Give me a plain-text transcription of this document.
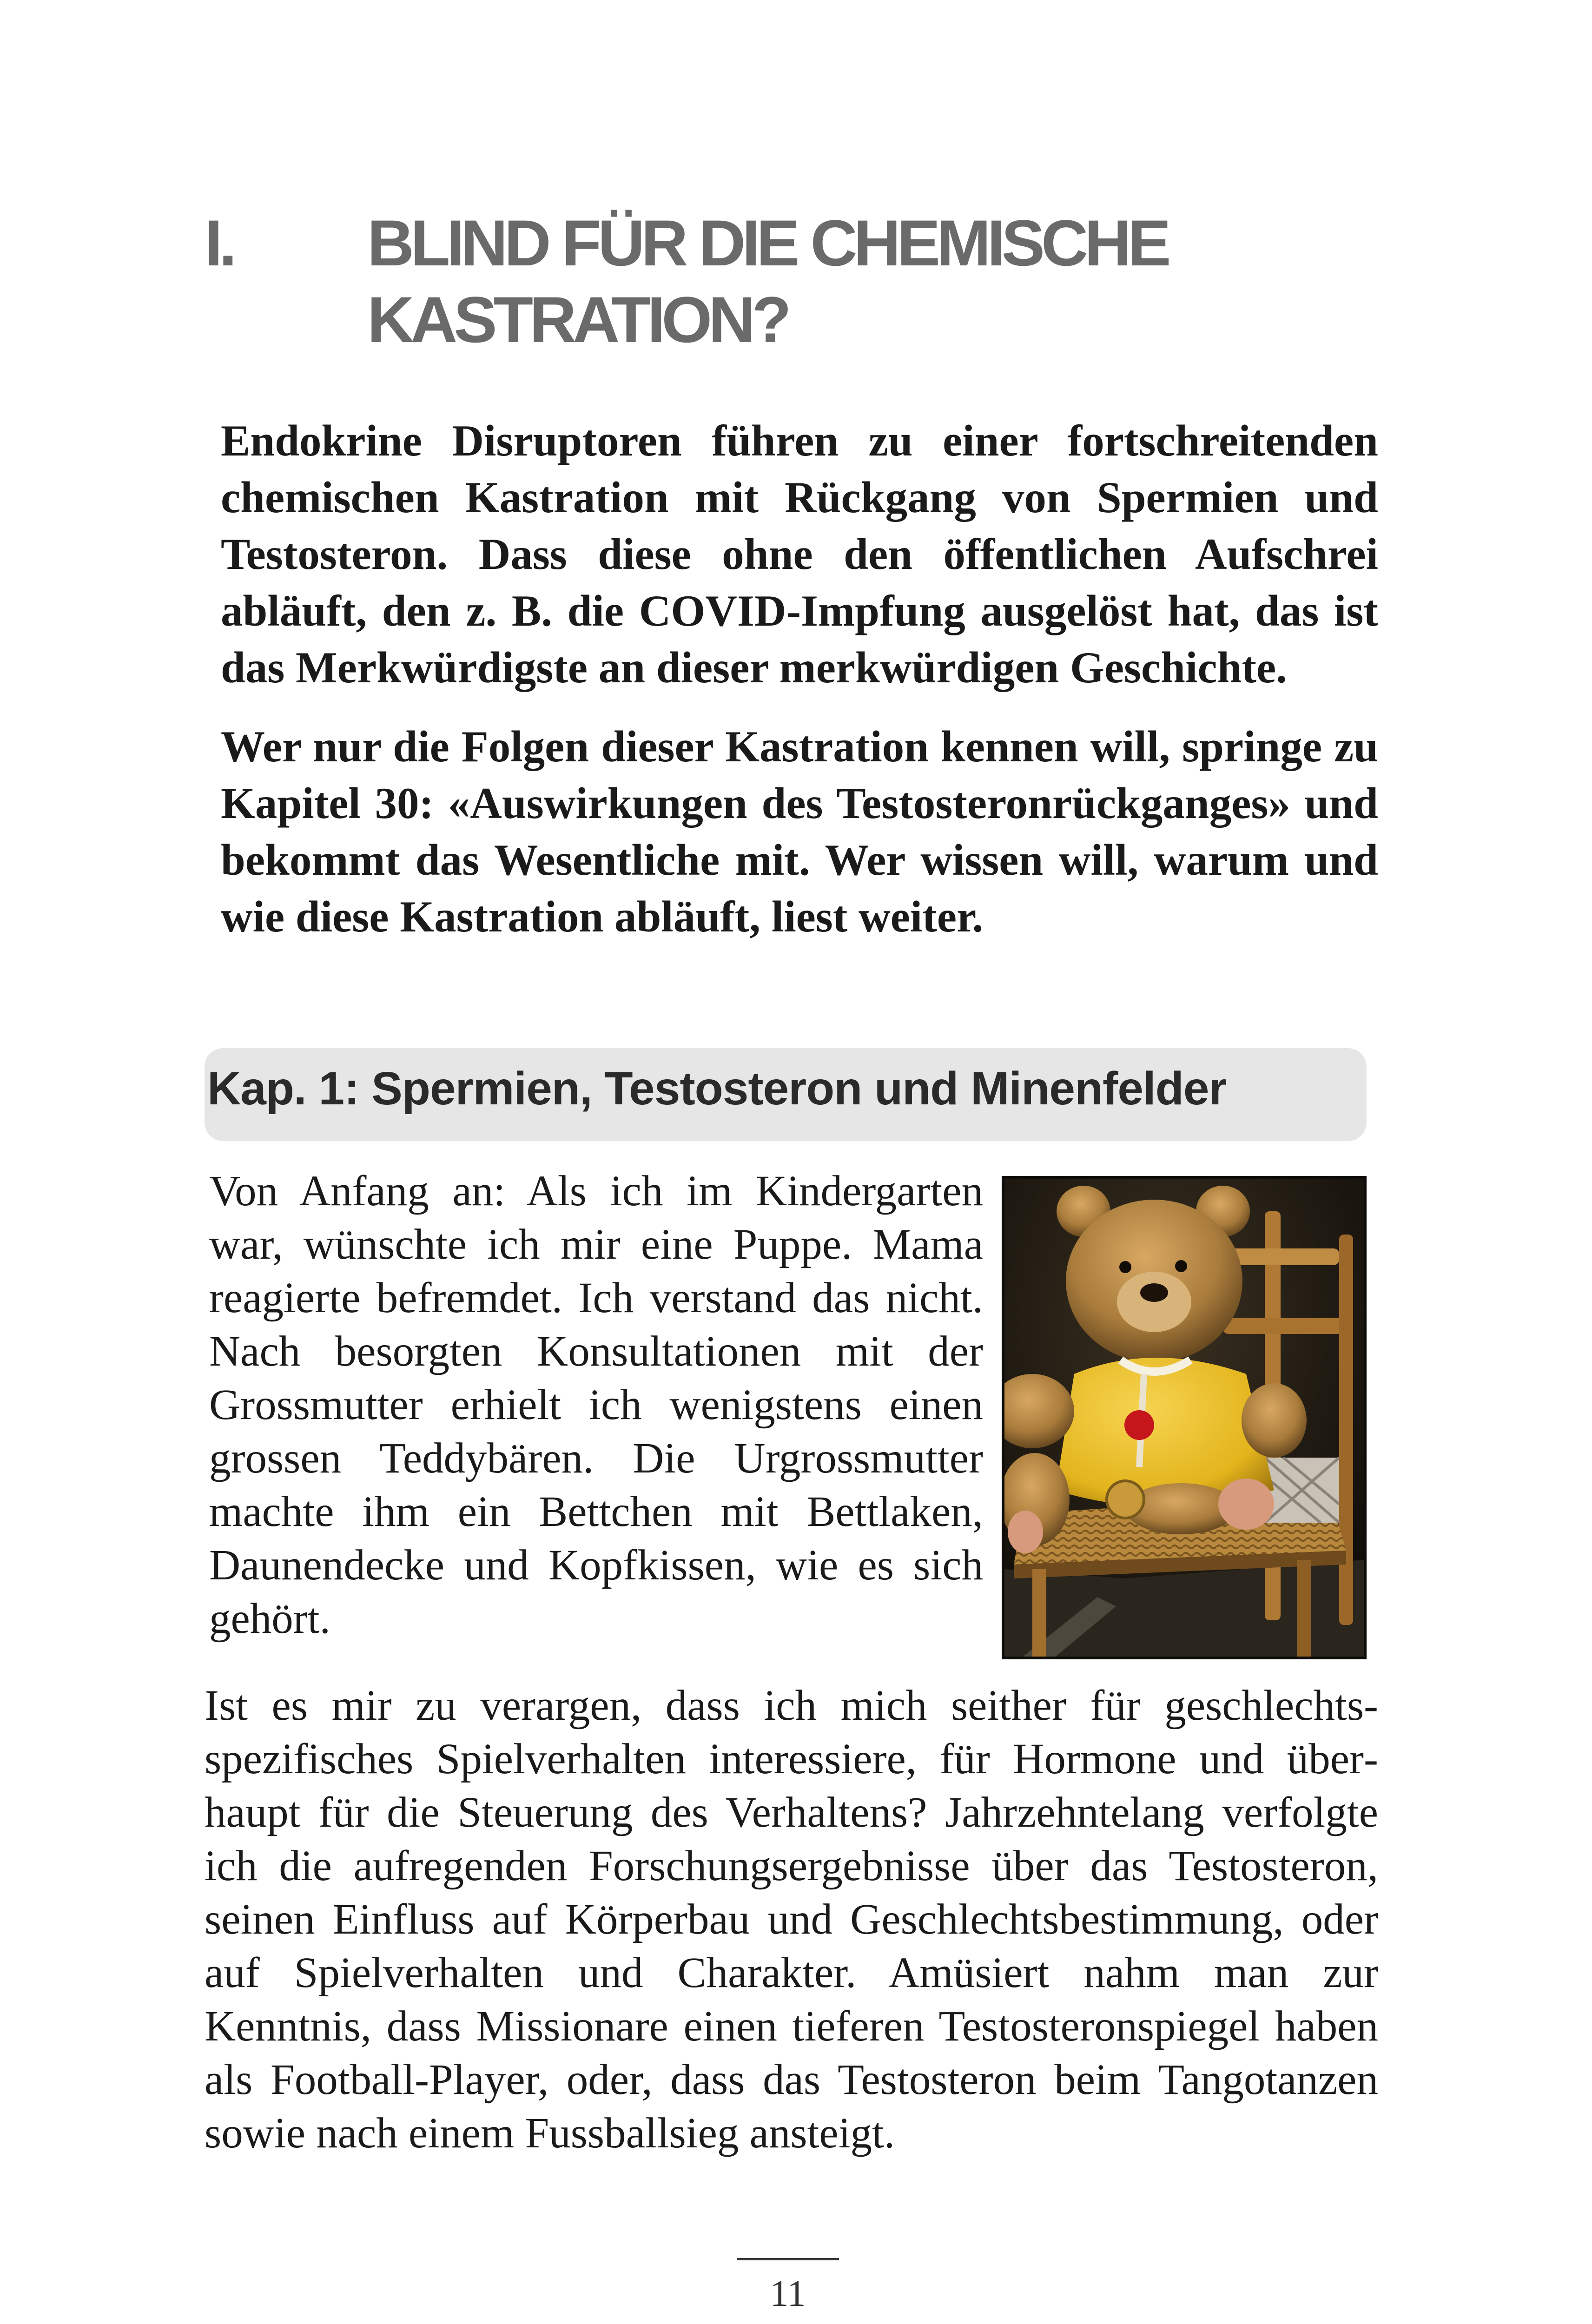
I. BLIND FÜR DIE CHEMISCHE KASTRATION?

Endokrine Disruptoren führen zu einer fortschreitenden chemischen Kastration mit Rückgang von Spermien und Testosteron. Dass diese ohne den öffentlichen Aufschrei abläuft, den z. B. die COVID-Impfung ausgelöst hat, das ist das Merkwürdigste an dieser merkwürdigen Geschichte.

Wer nur die Folgen dieser Kastration kennen will, springe zu Kapitel 30: «Auswirkungen des Testosteronrückganges» und bekommt das Wesentliche mit. Wer wissen will, warum und wie diese Kastration abläuft, liest weiter.

Kap. 1: Spermien, Testosteron und Minenfelder

Von Anfang an: Als ich im Kindergarten war, wünschte ich mir eine Puppe. Mama reagierte befremdet. Ich verstand das nicht. Nach besorgten Konsultationen mit der Grossmutter erhielt ich wenigstens einen grossen Teddybären. Die Urgrossmutter machte ihm ein Bettchen mit Bettlaken, Daunendecke und Kopfkissen, wie es sich gehört.

Ist es mir zu verargen, dass ich mich seither für geschlechtsspezifisches Spielverhalten interessiere, für Hormone und überhaupt für die Steuerung des Verhaltens? Jahrzehntelang verfolgte ich die aufregenden Forschungsergebnisse über das Testosteron, seinen Einfluss auf Körperbau und Geschlechtsbestimmung, oder auf Spielverhalten und Charakter. Amüsiert nahm man zur Kenntnis, dass Missionare einen tieferen Testosteronspiegel haben als Football-Player, oder, dass das Testosteron beim Tangotanzen sowie nach einem Fussballsieg ansteigt.

11
